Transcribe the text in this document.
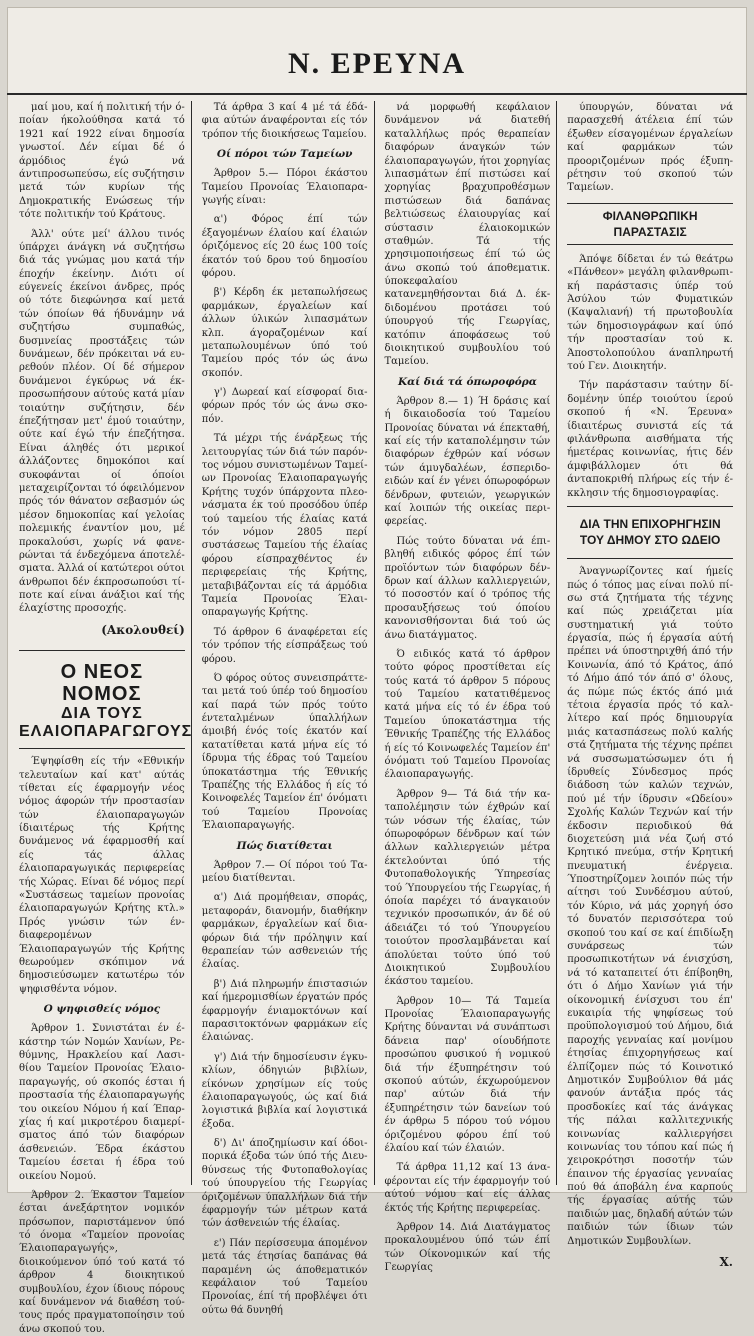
Ν. ΕΡΕΥΝΑ

μαί μου, καί ή πολιτική τήν όποίαν ήκολούθησα κατά τό 1921 καί 1922 είναι δημοσία γνωστοί. Δέν είμαι δέ ό άρμόδιος έγώ νά άντιπροσωπεύσω, είς συζήτησιν μετά τών κυρίων τής Δημοκρατικής Ενώσεως τήν τότε πολιτικήν τού Κράτους.

Άλλ' ούτε μεί' άλλου τινός ύπάρχει άνάγκη νά συζητήσω διά τάς γνώμας μου κατά τήν έποχήν έκείνην. Διότι οί εύγενείς έκείνοι άνδρες, πρός ού τότε διεφώνησα καί μετά τών όποίων θά ήδυνάμην νά συζητήσω συμπαθώς, δυσμνείας προστάξεις τών δυνάμεων, δέν πρόκειται νά ευρεθούν πλέον. Οί δέ σήμερον δυνάμενοι έγκύρως νά έκπροσωπήσουν αύτούς κατά μίαν τοιαύτην συζήτησιν, δέν έπεζήτησαν μετ' έμού τοιαύτην, ούτε καί έγώ τήν έπεζήτησα. Είναι άληθές ότι μερικοί άλλάζοντες δημοκόποι καί συκοφάνται οί όποίοι μεταχειρίζονται τό όφειλόμενον πρός τόν θάνατον σεβασμόν ώς μέσον δημοκοπίας καί γελοίας πολεμικής έναντίον μου, μέ προκαλούσι, χωρίς νά φανερώνται τά ένδεχόμενα άποτελέσματα. Άλλά οί κατώτεροι ούτοι άνθρωποι δέν έκπροσωπούσι τίποτε καί είναι άνάξιοι καί τής έλαχίστης προσοχής.

(Ακολουθεί)

Ο ΝΕΟΣ ΝΟΜΟΣ
ΔΙΑ ΤΟΥΣ ΕΛΑΙΟΠΑΡΑΓΩΓΟΥΣ

Έψηφίσθη είς τήν «Εθνικήν τελευταίων καί κατ' αύτάς τίθεται είς έφαρμογήν νέος νόμος άφορών τήν προστασίαν τών έλαιοπαραγωγών ίδιαιτέρως τής Κρήτης δυνάμενος νά έφαρμοσθή καί είς τάς άλλας έλαιοπαραγωγικάς περιφερείας τής Χώρας. Είναι δέ νόμος περί «Συστάσεως ταμείων προνοίας έλαιοπαραγωγών Κρήτης κτλ.» Πρός γνώσιν τών ένδιαφερομένων Έλαιοπαραγωγών τής Κρήτης θεωρούμεν σκόπιμον νά δημοσιεύσωμεν κατωτέρω τόν ψηφισθέντα νόμον.

Ο ψηφισθείς νόμος

Άρθρον 1. Συνιστάται έν έκάστηρ τών Νομών Χανίων, Ρεθύμνης, Ηρακλείου καί Λασιθίου Ταμείον Προνοίας Έλαιοπαραγωγής, ού σκοπός έσται ή προστασία τής έλαιοπαραγωγής του οικείου Νόμου ή καί Έπαρχίας ή καί μικροτέρου διαμερίσματος άπό τών διαφόρων άσθενειών. Έδρα έκάστου Ταμείου έσεται ή έδρα τού οικείου Νομού.

Άρθρον 2. Έκαστον Ταμείον έσται άνεξάρτητον νομικόν πρόσωπον, παριστάμενον ύπό τό όνομα «Ταμείον προνοίας Έλαιοπαραγωγής», διοικούμενον ύπό τού κατά τό άρθρον 4 διοικητικού συμβουλίου, έχον ίδιους πόρους καί δυνάμενον νά διαθέση τούτους πρός πραγματοποίησιν τού άνω σκοπού του.

Τά άρθρα 3 καί 4 μέ τά έδάφια αύτών άναφέρονται είς τόν τρόπον τής διοικήσεως Ταμείου.

Οί πόροι τών Ταμείων

Άρθρον 5.— Πόροι έκάστου Ταμείου Προνοίας Έλαιοπαραγωγής είναι:

α') Φόρος έπί τών έξαγομένων έλαίου καί έλαιών όριζόμενος είς 20 έως 100 τοίς έκατόν τού δρου τού δημοσίου φόρου.

β') Κέρδη έκ μεταπωλήσεως φαρμάκων, έργαλείων καί άλλων ύλικών λιπασμάτων κλπ. άγοραζομένων καί μεταπωλουμένων ύπό τού Ταμείου πρός τόν ώς άνω σκοπόν.

γ') Δωρεαί καί είσφοραί διαφόρων πρός τόν ώς άνω σκοπόν.

Τά μέχρι τής ένάρξεως τής λειτουργίας τών διά τών παρόντος νόμου συνιστωμένων Ταμείων Προνοίας Έλαιοπαραγωγής Κρήτης τυχόν ύπάρχοντα πλεονάσματα έκ τού προσόδου ύπέρ τού ταμείου τής έλαίας κατά τόν νόμον 2805 περί συστάσεως Ταμείου τής έλαίας φόρου είσπραχθέντος έν περιφερείαις τής Κρήτης, μεταβιβάζονται είς τά άρμόδια Ταμεία Προνοίας Έλαιοπαραγωγής Κρήτης.

Τό άρθρον 6 άναφέρεται είς τόν τρόπον τής είσπράξεως τού φόρου.

Ό φόρος ούτος συνεισπράττεται μετά τού ύπέρ τού δημοσίου καί παρά τών πρός τούτο έντεταλμένων ύπαλλήλων άμοιβή ένός τοίς έκατόν καί κατατίθεται κατά μήνα είς τό ίδρυμα τής έδρας τού Ταμείου ύποκατάστημα τής Έθνικής Τραπέζης τής Ελλάδος ή είς τό Κοινοφελές Ταμείον έπ' όνόματι τού Ταμείου Προνοίας Έλαιοπαραγωγής.

Πώς διατίθεται

Άρθρον 7.— Οί πόροι τού Ταμείου διατίθενται.

α') Διά προμήθειαν, σποράς, μεταφοράν, διανομήν, διαθήκην φαρμάκων, έργαλείων καί διαφόρων διά τήν πρόληψιν καί θεραπείαν τών ασθενειών τής έλαίας.

β') Διά πληρωμήν έπιστασιών καί ήμερομισθίων έργατών πρός έφαρμογήν ένιαμοκτόνων καί παρασιτοκτόνων φαρμάκων είς έλαιώνας.

γ') Διά τήν δημοσίευσιν έγκυκλίων, όδηγιών βιβλίων, είκόνων χρησίμων είς τούς έλαιοπαραγωγούς, ώς καί διά λογιστικά βιβλία καί λογιστικά έξοδα.

δ') Δι' άποζημίωσιν καί όδοιπορικά έξοδα τών ύπό τής Διευθύνσεως τής Φυτοπαθολογίας τού ύπουργείου τής Γεωργίας όριζομένων ύπαλλήλων διά τήν έφαρμογήν τών μέτρων κατά τών άσθενειών τής έλαίας.

ε') Πάν περίσσευμα άπομένον μετά τάς έτησίας δαπάνας θά παραμένη ώς άποθεματικόν κεφάλαιον τού Ταμείου Προνοίας, έπί τή προβλέψει ότι ούτω θά δυνηθή

νά μορφωθή κεφάλαιον δυνάμενον νά διατεθή καταλλήλως πρός θεραπείαν διαφόρων άναγκών τών έλαιοπαραγωγών, ήτοι χορηγίας λιπασμάτων έπί πιστώσει καί χορηγίας βραχυπροθέσμων πιστώσεων διά δαπάνας βελτιώσεως έλαιουργίας καί σύστασιν έλαιοκομικών σταθμών. Τά τής χρησιμοποιήσεως έπί τώ ώς άνω σκοπώ τού άποθεματικ. ύποκεφαλαίου κατανεμηθήσονται διά Δ. έκδιδομένου προτάσει τού ύπουργού τής Γεωργίας, κατόπιν άποφάσεως τού διοικητικού συμβουλίου τού Ταμείου.

Καί διά τά όπωροφόρα

Άρθρον 8.— 1) Ή δράσις καί ή δικαιοδοσία τού Ταμείου Προνοίας δύναται νά έπεκταθή, καί είς τήν καταπολέμησιν τών διαφόρων έχθρών καί νόσων τών άμυγδαλέων, έσπεριδοειδών καί έν γένει όπωροφόρων δένδρων, φυτειών, γεωργικών καί λοιπών τής οικείας περιφερείας.

Πώς τούτο δύναται νά έπιβληθή ειδικός φόρος έπί τών προϊόντων τών διαφόρων δένδρων καί άλλων καλλιεργειών, τό ποσοστόν καί ό τρόπος τής προσαυξήσεως τού όποίου κανονισθήσονται διά τού ώς άνω διατάγματος.

Ό ειδικός κατά τό άρθρον τούτο φόρος προστίθεται είς τούς κατά τό άρθρον 5 πόρους τού Ταμείου κατατιθέμενος κατά μήνα είς τό έν έδρα τού Ταμείου ύποκατάστημα τής Έθνικής Τραπέζης τής Ελλάδος ή είς τό Κοινωφελές Ταμείον έπ' όνόματι τού Ταμείου Προνοίας έλαιοπαραγωγής.

Άρθρον 9— Τά διά τήν καταπολέμησιν τών έχθρών καί τών νόσων τής έλαίας, τών όπωροφόρων δένδρων καί τών άλλων καλλιεργειών μέτρα έκτελούνται ύπό τής Φυτοπαθολογικής Ύπηρεσίας τού Ύπουργείου τής Γεωργίας, ή όποία παρέχει τό άναγκαιούν τεχνικόν προσωπικόν, άν δέ ού άδειάζει τό τού Ύπουργείου τοιούτον προσλαμβάνεται καί άπολύεται τούτο ύπό τού Διοικητικού Συμβουλίου έκάστου ταμείου.

Άρθρον 10— Τά Ταμεία Προνοίας Έλαιοπαραγωγής Κρήτης δύνανται νά συνάπτωσι δάνεια παρ' οίουδήποτε προσώπου φυσικού ή νομικού διά τήν έξυπηρέτησιν τού σκοπού αύτών, έκχωρούμενον παρ' αύτών διά τήν έξυπηρέτησιν τών δανείων τού έν άρθρω 5 πόρου τού νόμου όριζομένου φόρου έπί τού έλαίου καί τών έλαιών.

Τά άρθρα 11,12 καί 13 άναφέρονται είς τήν έφαρμογήν τού αύτού νόμου καί είς άλλας έκτός τής Κρήτης περιφερείας.

Άρθρον 14. Διά Διατάγματος προκαλουμένου ύπό τών έπί τών Οίκονομικών καί τής Γεωργίας

ύπουργών, δύναται νά παρασχεθή άτέλεια έπί τών έξωθεν είσαγομένων έργαλείων καί φαρμάκων τών προοριζομένων πρός έξυπηρέτησιν τού σκοπού τών Ταμείων.

ΦΙΛΑΝΘΡΩΠΙΚΗ ΠΑΡΑΣΤΑΣΙΣ

Άπόψε δίδεται έν τώ θεάτρω «Πάνθεον» μεγάλη φιλανθρωπική παράστασις ύπέρ τού Άσύλου τών Φυματικών (Καψαλιανή) τή πρωτοβουλία τών δημοσιογράφων καί ύπό τήν προστασίαν τού κ. Άποστολοπούλου άναπληρωτή τού Γεν. Διοικητήν.

Τήν παράστασιν ταύτην δίδομένην ύπέρ τοιούτου ίερού σκοπού ή «Ν. Έρευνα» ίδιαιτέρως συνιστά είς τά φιλάνθρωπα αισθήματα τής ήμετέρας κοινωνίας, ήτις δέν άμφιβάλλομεν ότι θά άνταποκριθή πλήρως είς τήν έκκλησιν τής δημοσιογραφίας.

ΔΙΑ ΤΗΝ ΕΠΙΧΟΡΗΓΗΣΙΝ
ΤΟΥ ΔΗΜΟΥ ΣΤΟ ΩΔΕΙΟ

Άναγνωρίζοντες καί ήμείς πώς ό τόπος μας είναι πολύ πίσω στά ζητήματα τής τέχνης καί πώς χρειάζεται μία συστηματική γιά τούτο έργασία, πώς ή έργασία αύτή πρέπει νά ύποστηριχθή άπό τήν Κοινωνία, άπό τό Κράτος, άπό τό Δήμο άπό τόν άπό σ' όλους, άς πώμε πώς έκτός άπό μιά τέτοια έργασία πρός τό καλλίτερο καί πρός δημιουργία μιάς κατασπάσεως πολύ καλής στά ζητήματα τής τέχνης πρέπει νά συσσωματώσωμεν ότι ή ίδρυθείς Σύνδεσμος πρός διάδοση τών καλών τεχνών, πού μέ τήν ίδρυσιν «Ωδείου» Σχολής Καλών Τεχνών καί τήν έκδοσιν περιοδικού θά διοχετεύση μιά νέα ζωή στό Κρητικό πνεύμα, στήν Κρητική πνευματική ένέργεια. Ύποστηρίζομεν λοιπόν πώς τήν αίτησι τού Συνδέσμου αύτού, τόν Κύριο, νά μάς χορηγή όσο τό δυνατόν περισσότερα τού σκοπού του καί σε καί έπιδίωξη συνάρσεως τών προσωπικοτήτων νά ένισχύση, νά τό καταπειτεί ότι έπίβοηθη, ότι ό Δήμο Χανίων γιά τήν οίκονομική ένίσχυσι του έπ' ευκαιρία τής ψηφίσεως τού προϋπολογισμού τού Δήμου, διά παροχής γενναίας καί μονίμου έτησίας έπιχορηγήσεως καί έλπίζομεν πώς τό Κοινοτικό Δημοτικόν Συμβούλιον θά μάς φανούν άντάξια πρός τάς προσδοκίες καί τάς άνάγκας τής πάλαι καλλιτεχνικής κοινωνίας καλλιεργήσει κοινωνίας του τόπου καί πώς ή χειροκρότησι ποσοτήν τών έπαινον τής έργασίας γενναίας πού θά άποβάλη ένα καρπούς τής έργασίας αύτής τών παιδιών μας, δηλαδή αύτών τών παιδιών τών ίδιων τών Δημοτικών Συμβουλίων.

Χ.
